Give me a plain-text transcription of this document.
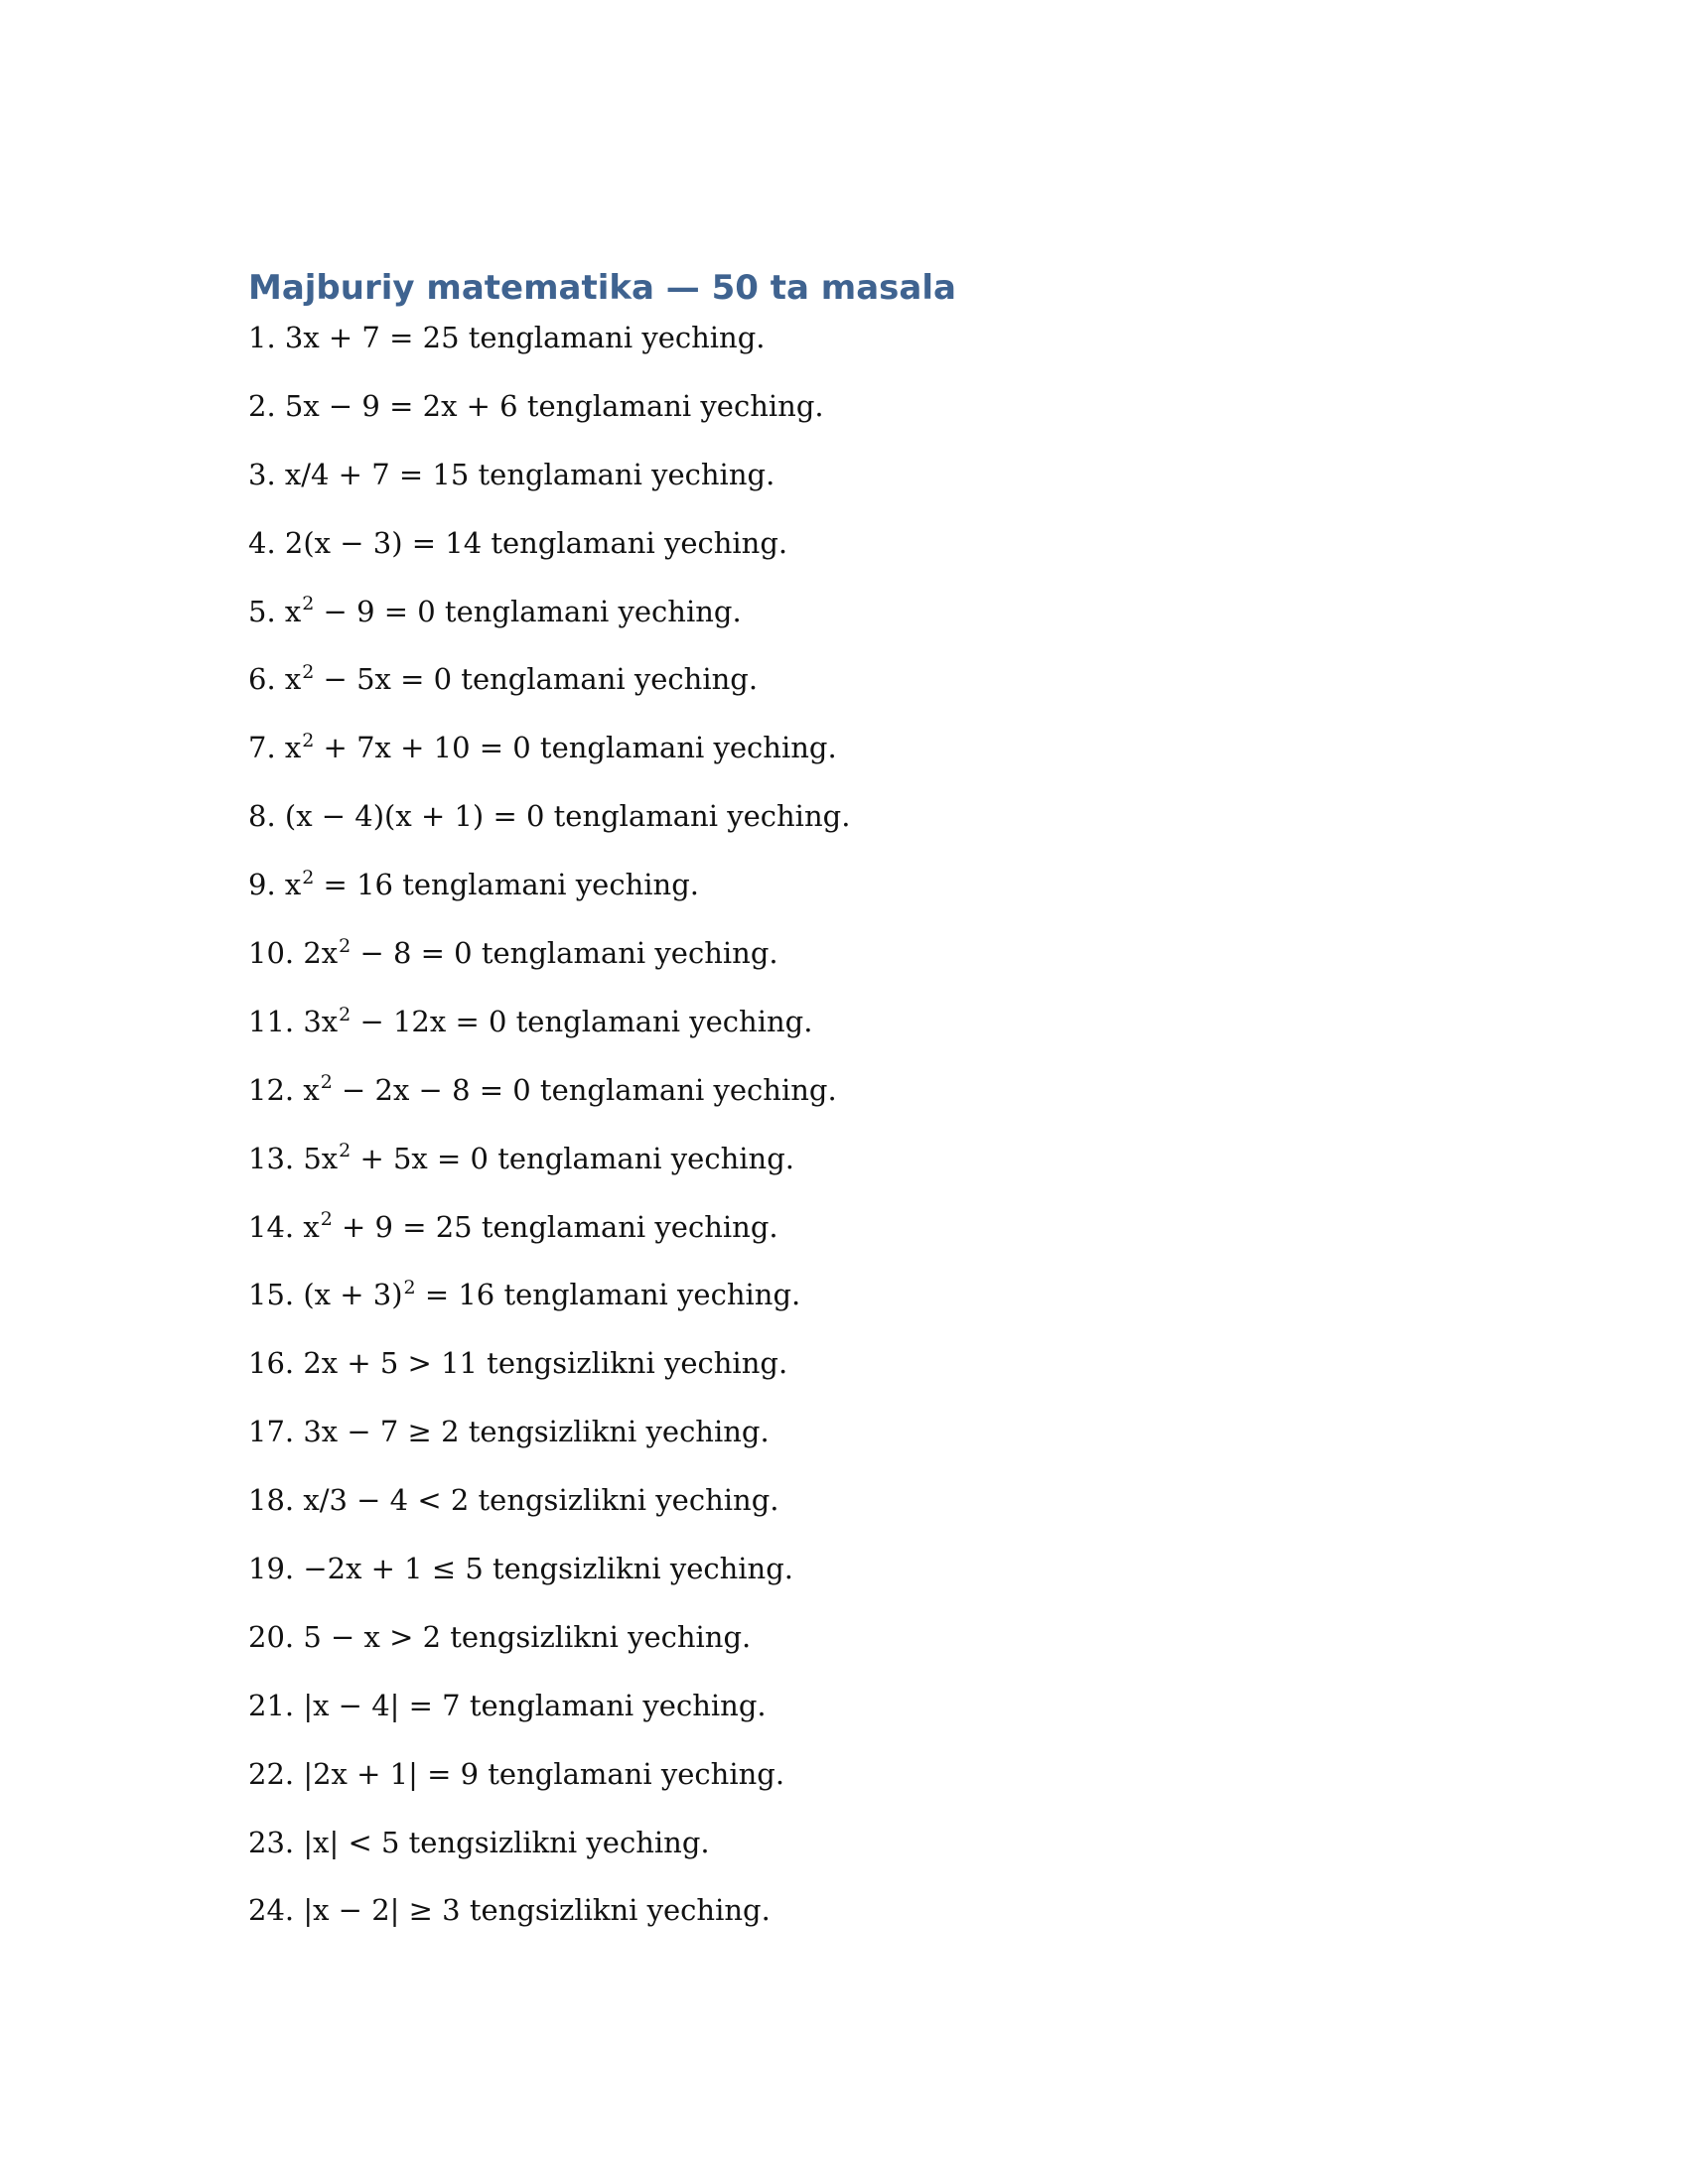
Majburiy matematika — 50 ta masala
1. 3x + 7 = 25 tenglamani yeching.
2. 5x − 9 = 2x + 6 tenglamani yeching.
3. x/4 + 7 = 15 tenglamani yeching.
4. 2(x − 3) = 14 tenglamani yeching.
5. $x^2 - 9 = 0$ tenglamani yeching.
6. $x^2 - 5x = 0$ tenglamani yeching.
7. $x^2 + 7x + 10 = 0$ tenglamani yeching.
8. (x − 4)(x + 1) = 0 tenglamani yeching.
9. $x^2 = 16$ tenglamani yeching.
10. $2x^2 - 8 = 0$ tenglamani yeching.
11. $3x^2 - 12x = 0$ tenglamani yeching.
12. $x^2 - 2x - 8 = 0$ tenglamani yeching.
13. $5x^2 + 5x = 0$ tenglamani yeching.
14. $x^2 + 9 = 25$ tenglamani yeching.
15. $(x + 3)^2 = 16$ tenglamani yeching.
16. 2x + 5 > 11 tengsizlikni yeching.
17. 3x − 7 ≥ 2 tengsizlikni yeching.
18. x/3 − 4 < 2 tengsizlikni yeching.
19. −2x + 1 ≤ 5 tengsizlikni yeching.
20. 5 − x > 2 tengsizlikni yeching.
21. |x − 4| = 7 tenglamani yeching.
22. |2x + 1| = 9 tenglamani yeching.
23. |x| < 5 tengsizlikni yeching.
24. |x − 2| ≥ 3 tengsizlikni yeching.
